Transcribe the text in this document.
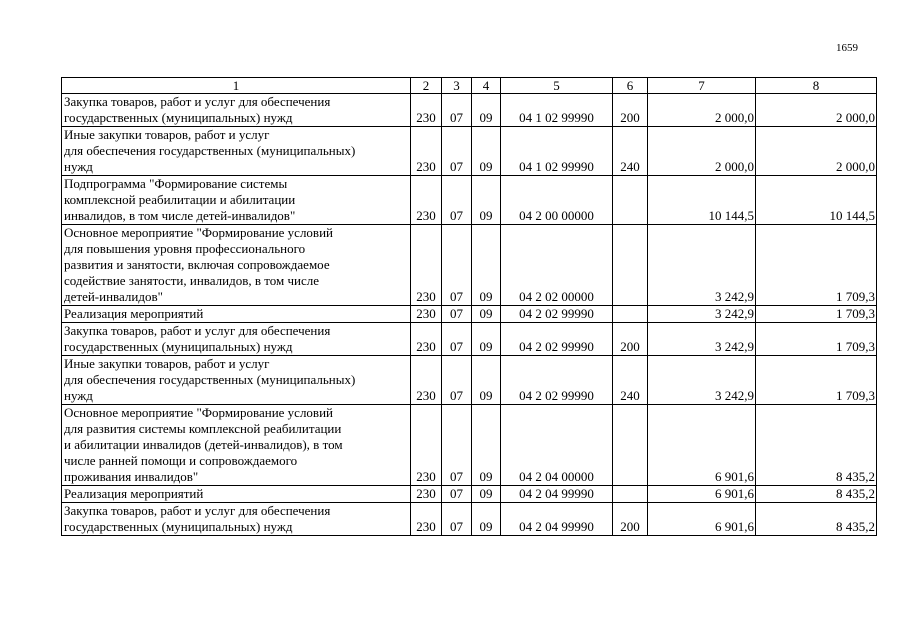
1659
1	2	3	4	5	6	7	8

Закупка товаров, работ и услуг для обеспечения
государственных (муниципальных) нужд	230	07	09	04 1 02 99990	200	2 000,0	2 000,0

Иные закупки товаров, работ и услуг
для обеспечения государственных (муниципальных)
нужд	230	07	09	04 1 02 99990	240	2 000,0	2 000,0

Подпрограмма "Формирование системы
комплексной реабилитации и абилитации
инвалидов, в том числе детей-инвалидов"	230	07	09	04 2 00 00000		10 144,5	10 144,5

Основное мероприятие "Формирование условий
для повышения уровня профессионального
развития и занятости, включая сопровождаемое
содействие занятости, инвалидов, в том числе
детей-инвалидов"	230	07	09	04 2 02 00000		3 242,9	1 709,3

Реализация мероприятий	230	07	09	04 2 02 99990		3 242,9	1 709,3

Закупка товаров, работ и услуг для обеспечения
государственных (муниципальных) нужд	230	07	09	04 2 02 99990	200	3 242,9	1 709,3

Иные закупки товаров, работ и услуг
для обеспечения государственных (муниципальных)
нужд	230	07	09	04 2 02 99990	240	3 242,9	1 709,3

Основное мероприятие "Формирование условий
для развития системы комплексной реабилитации
и абилитации инвалидов (детей-инвалидов), в том
числе ранней помощи и сопровождаемого
проживания инвалидов"	230	07	09	04 2 04 00000		6 901,6	8 435,2

Реализация мероприятий	230	07	09	04 2 04 99990		6 901,6	8 435,2

Закупка товаров, работ и услуг для обеспечения
государственных (муниципальных) нужд	230	07	09	04 2 04 99990	200	6 901,6	8 435,2
